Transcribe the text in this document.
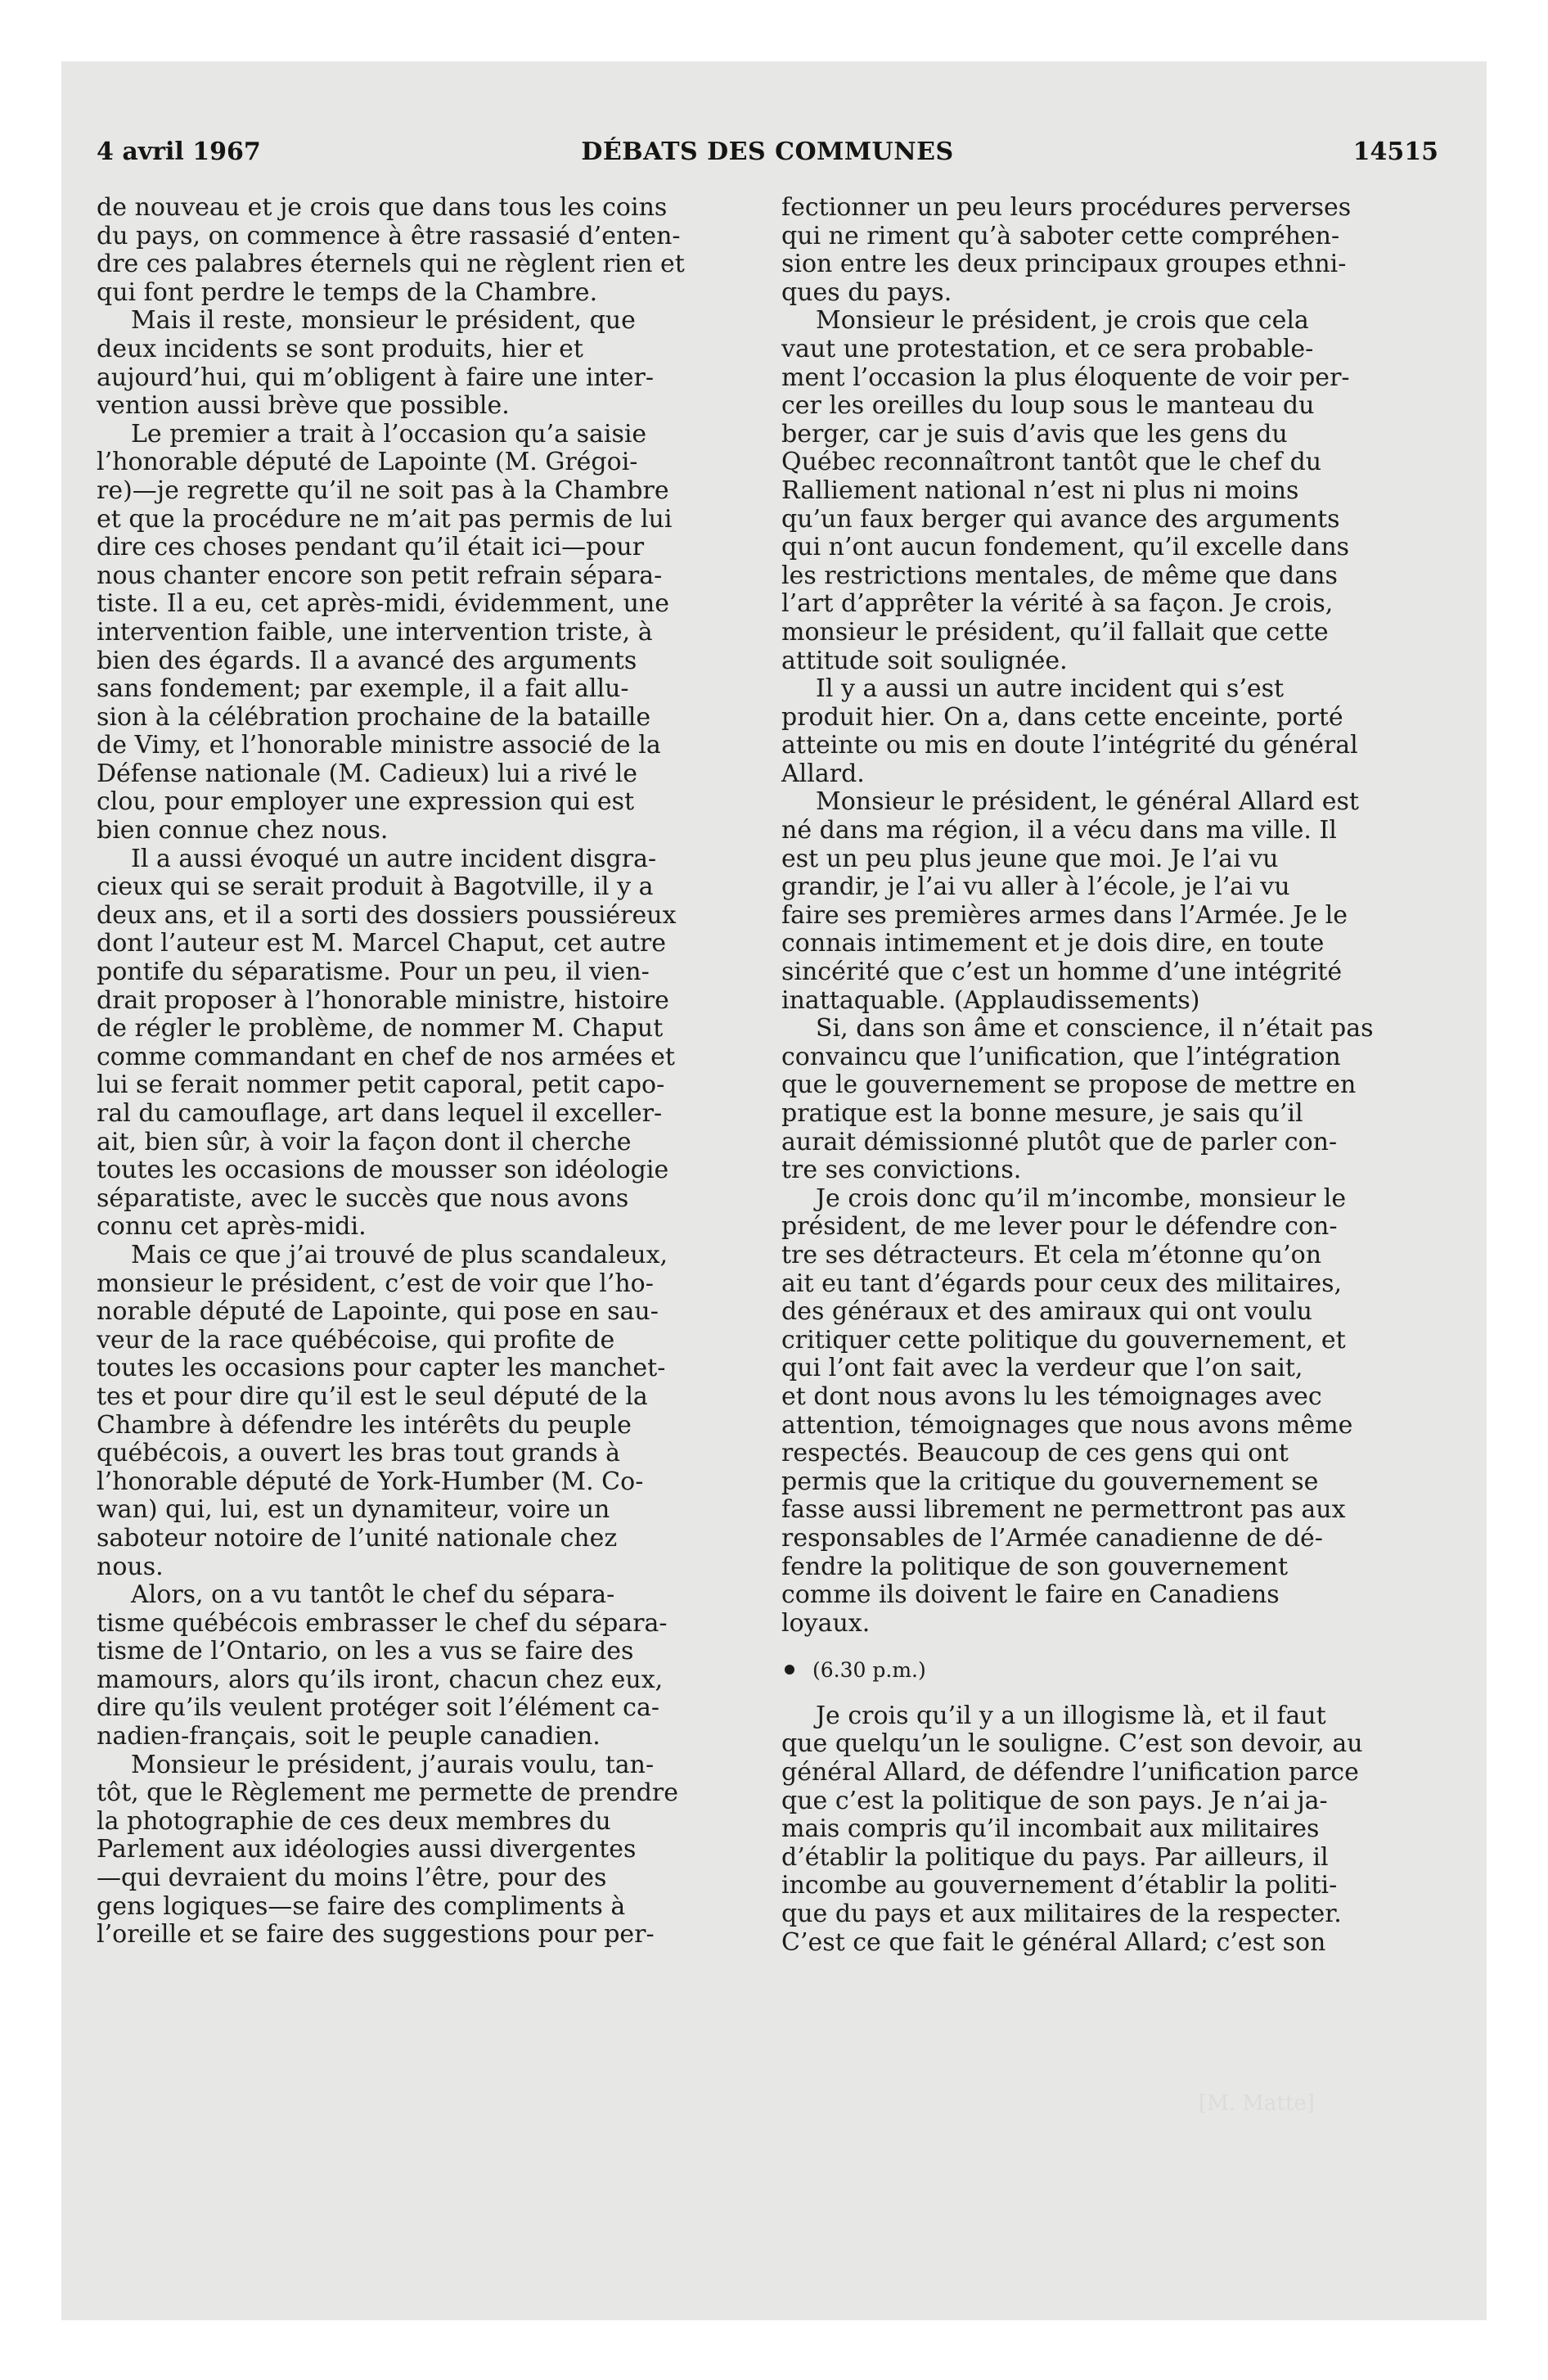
4 avril 1967	DÉBATS DES COMMUNES	14515
de nouveau et je crois que dans tous les coins
du pays, on commence à être rassasié d’enten-
dre ces palabres éternels qui ne règlent rien et
qui font perdre le temps de la Chambre.
Mais il reste, monsieur le président, que
deux incidents se sont produits, hier et
aujourd’hui, qui m’obligent à faire une inter-
vention aussi brève que possible.
Le premier a trait à l’occasion qu’a saisie
l’honorable député de Lapointe (M. Grégoi-
re)—je regrette qu’il ne soit pas à la Chambre
et que la procédure ne m’ait pas permis de lui
dire ces choses pendant qu’il était ici—pour
nous chanter encore son petit refrain sépara-
tiste. Il a eu, cet après-midi, évidemment, une
intervention faible, une intervention triste, à
bien des égards. Il a avancé des arguments
sans fondement; par exemple, il a fait allu-
sion à la célébration prochaine de la bataille
de Vimy, et l’honorable ministre associé de la
Défense nationale (M. Cadieux) lui a rivé le
clou, pour employer une expression qui est
bien connue chez nous.
Il a aussi évoqué un autre incident disgra-
cieux qui se serait produit à Bagotville, il y a
deux ans, et il a sorti des dossiers poussiéreux
dont l’auteur est M. Marcel Chaput, cet autre
pontife du séparatisme. Pour un peu, il vien-
drait proposer à l’honorable ministre, histoire
de régler le problème, de nommer M. Chaput
comme commandant en chef de nos armées et
lui se ferait nommer petit caporal, petit capo-
ral du camouflage, art dans lequel il exceller-
ait, bien sûr, à voir la façon dont il cherche
toutes les occasions de mousser son idéologie
séparatiste, avec le succès que nous avons
connu cet après-midi.
Mais ce que j’ai trouvé de plus scandaleux,
monsieur le président, c’est de voir que l’ho-
norable député de Lapointe, qui pose en sau-
veur de la race québécoise, qui profite de
toutes les occasions pour capter les manchet-
tes et pour dire qu’il est le seul député de la
Chambre à défendre les intérêts du peuple
québécois, a ouvert les bras tout grands à
l’honorable député de York-Humber (M. Co-
wan) qui, lui, est un dynamiteur, voire un
saboteur notoire de l’unité nationale chez
nous.
Alors, on a vu tantôt le chef du sépara-
tisme québécois embrasser le chef du sépara-
tisme de l’Ontario, on les a vus se faire des
mamours, alors qu’ils iront, chacun chez eux,
dire qu’ils veulent protéger soit l’élément ca-
nadien-français, soit le peuple canadien.
Monsieur le président, j’aurais voulu, tan-
tôt, que le Règlement me permette de prendre
la photographie de ces deux membres du
Parlement aux idéologies aussi divergentes
—qui devraient du moins l’être, pour des
gens logiques—se faire des compliments à
l’oreille et se faire des suggestions pour per-
fectionner un peu leurs procédures perverses
qui ne riment qu’à saboter cette compréhen-
sion entre les deux principaux groupes ethni-
ques du pays.
Monsieur le président, je crois que cela
vaut une protestation, et ce sera probable-
ment l’occasion la plus éloquente de voir per-
cer les oreilles du loup sous le manteau du
berger, car je suis d’avis que les gens du
Québec reconnaîtront tantôt que le chef du
Ralliement national n’est ni plus ni moins
qu’un faux berger qui avance des arguments
qui n’ont aucun fondement, qu’il excelle dans
les restrictions mentales, de même que dans
l’art d’apprêter la vérité à sa façon. Je crois,
monsieur le président, qu’il fallait que cette
attitude soit soulignée.
Il y a aussi un autre incident qui s’est
produit hier. On a, dans cette enceinte, porté
atteinte ou mis en doute l’intégrité du général
Allard.
Monsieur le président, le général Allard est
né dans ma région, il a vécu dans ma ville. Il
est un peu plus jeune que moi. Je l’ai vu
grandir, je l’ai vu aller à l’école, je l’ai vu
faire ses premières armes dans l’Armée. Je le
connais intimement et je dois dire, en toute
sincérité que c’est un homme d’une intégrité
inattaquable. (Applaudissements)
Si, dans son âme et conscience, il n’était pas
convaincu que l’unification, que l’intégration
que le gouvernement se propose de mettre en
pratique est la bonne mesure, je sais qu’il
aurait démissionné plutôt que de parler con-
tre ses convictions.
Je crois donc qu’il m’incombe, monsieur le
président, de me lever pour le défendre con-
tre ses détracteurs. Et cela m’étonne qu’on
ait eu tant d’égards pour ceux des militaires,
des généraux et des amiraux qui ont voulu
critiquer cette politique du gouvernement, et
qui l’ont fait avec la verdeur que l’on sait,
et dont nous avons lu les témoignages avec
attention, témoignages que nous avons même
respectés. Beaucoup de ces gens qui ont
permis que la critique du gouvernement se
fasse aussi librement ne permettront pas aux
responsables de l’Armée canadienne de dé-
fendre la politique de son gouvernement
comme ils doivent le faire en Canadiens
loyaux.
(6.30 p.m.)
Je crois qu’il y a un illogisme là, et il faut
que quelqu’un le souligne. C’est son devoir, au
général Allard, de défendre l’unification parce
que c’est la politique de son pays. Je n’ai ja-
mais compris qu’il incombait aux militaires
d’établir la politique du pays. Par ailleurs, il
incombe au gouvernement d’établir la politi-
que du pays et aux militaires de la respecter.
C’est ce que fait le général Allard; c’est son
[M. Matte]
